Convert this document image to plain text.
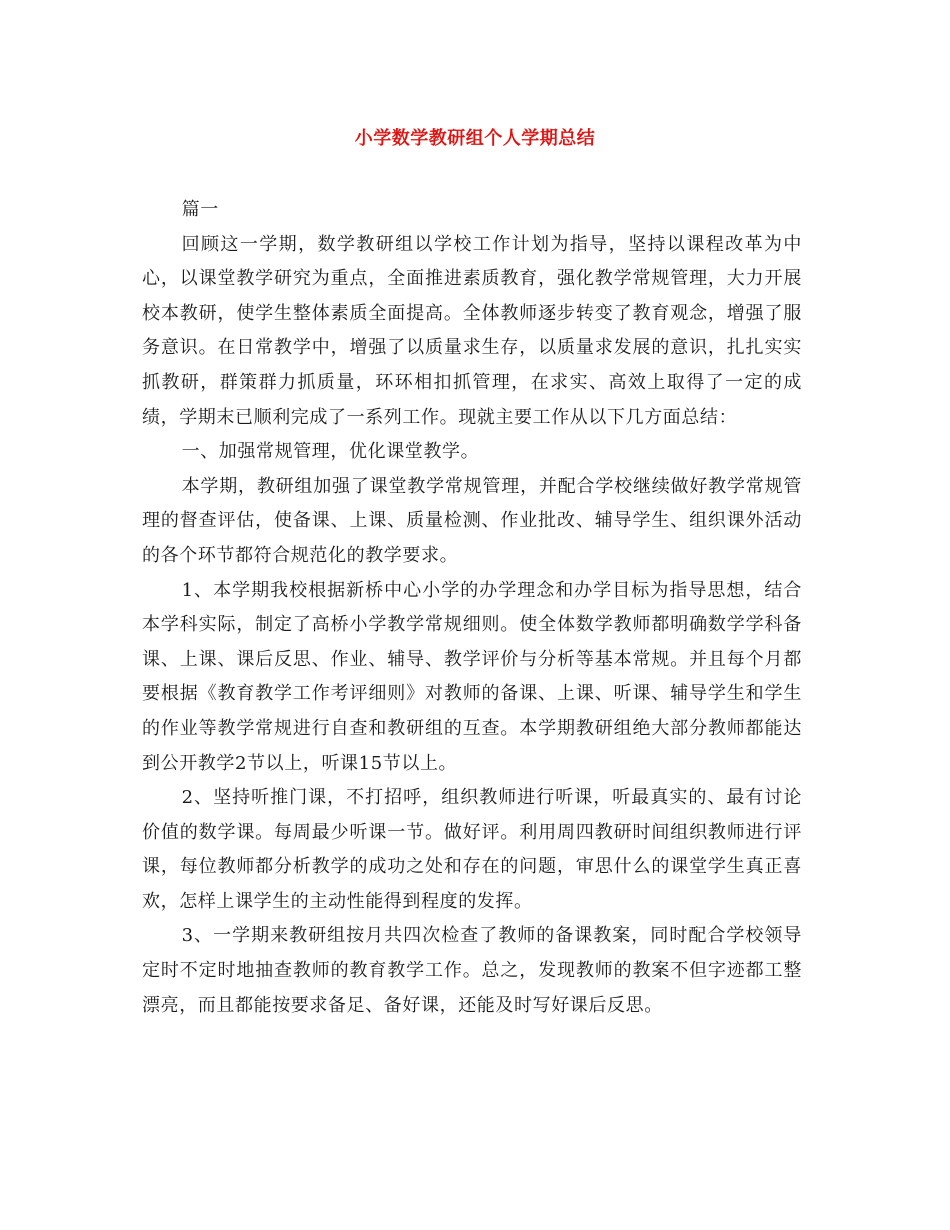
小学数学教研组个人学期总结

篇一

回顾这一学期，数学教研组以学校工作计划为指导，坚持以课程改革为中心，以课堂教学研究为重点，全面推进素质教育，强化教学常规管理，大力开展校本教研，使学生整体素质全面提高。全体教师逐步转变了教育观念，增强了服务意识。在日常教学中，增强了以质量求生存，以质量求发展的意识，扎扎实实抓教研，群策群力抓质量，环环相扣抓管理，在求实、高效上取得了一定的成绩，学期末已顺利完成了一系列工作。现就主要工作从以下几方面总结：

一、加强常规管理，优化课堂教学。

本学期，教研组加强了课堂教学常规管理，并配合学校继续做好教学常规管理的督查评估，使备课、上课、质量检测、作业批改、辅导学生、组织课外活动的各个环节都符合规范化的教学要求。

1、本学期我校根据新桥中心小学的办学理念和办学目标为指导思想，结合本学科实际，制定了高桥小学教学常规细则。使全体数学教师都明确数学学科备课、上课、课后反思、作业、辅导、教学评价与分析等基本常规。并且每个月都要根据《教育教学工作考评细则》对教师的备课、上课、听课、辅导学生和学生的作业等教学常规进行自查和教研组的互查。本学期教研组绝大部分教师都能达到公开教学2节以上，听课15节以上。

2、坚持听推门课，不打招呼，组织教师进行听课，听最真实的、最有讨论价值的数学课。每周最少听课一节。做好评。利用周四教研时间组织教师进行评课，每位教师都分析教学的成功之处和存在的问题，审思什么的课堂学生真正喜欢，怎样上课学生的主动性能得到程度的发挥。

3、一学期来教研组按月共四次检查了教师的备课教案，同时配合学校领导定时不定时地抽查教师的教育教学工作。总之，发现教师的教案不但字迹都工整漂亮，而且都能按要求备足、备好课，还能及时写好课后反思。
